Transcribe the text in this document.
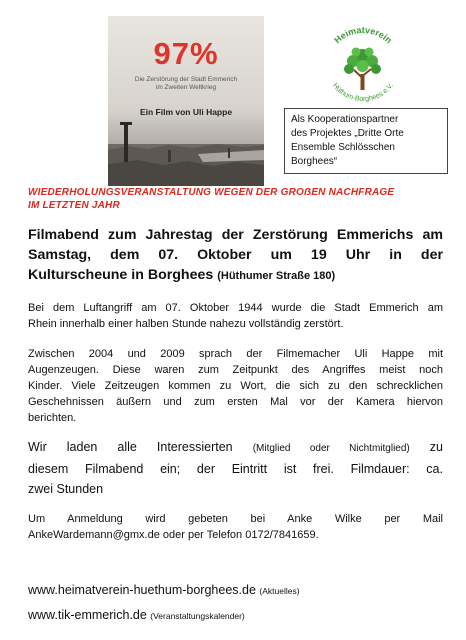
97%
Die Zerstörung der Stadt Emmerich
im Zweiten Weltkrieg
Ein Film von Uli Happe
Heimatverein
Hüthum-Borghees e.V.
Als Kooperationspartner
des Projektes „Dritte Orte
Ensemble Schlösschen
Borghees“
WIEDERHOLUNGSVERANSTALTUNG WEGEN DER GROẞEN NACHFRAGE
IM LETZTEN JAHR
Filmabend zum Jahrestag der Zerstörung Emmerichs am
Samstag, dem 07. Oktober um 19 Uhr in der
Kulturscheune in Borghees (Hüthumer Straße 180)
Bei dem Luftangriff am 07. Oktober 1944 wurde die Stadt Emmerich am
Rhein innerhalb einer halben Stunde nahezu vollständig zerstört.
Zwischen 2004 und 2009 sprach der Filmemacher Uli Happe mit
Augenzeugen. Diese waren zum Zeitpunkt des Angriffes meist noch
Kinder. Viele Zeitzeugen kommen zu Wort, die sich zu den schrecklichen
Geschehnissen äußern und zum ersten Mal vor der Kamera hiervon
berichten.
Wir laden alle Interessierten (Mitglied oder Nichtmitglied) zu
diesem Filmabend ein; der Eintritt ist frei. Filmdauer: ca.
zwei Stunden
Um Anmeldung wird gebeten bei Anke Wilke per Mail
AnkeWardemann@gmx.de oder per Telefon 0172/7841659.
www.heimatverein-huethum-borghees.de (Aktuelles)
www.tik-emmerich.de (Veranstaltungskalender)
